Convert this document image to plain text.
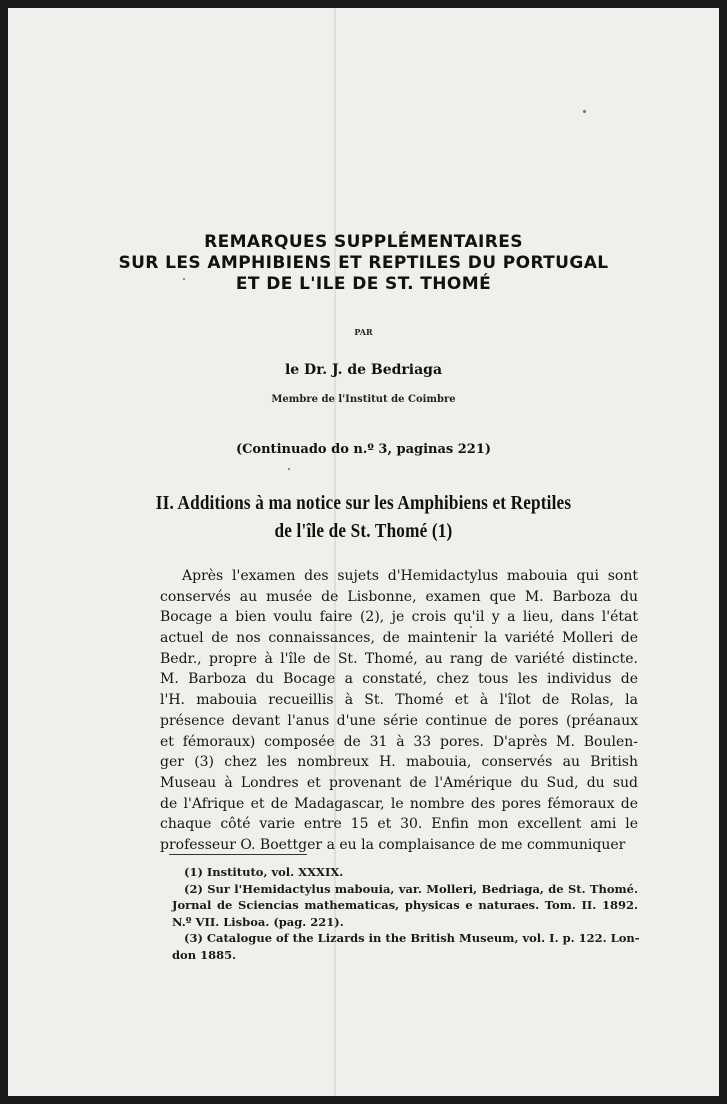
REMARQUES SUPPLÉMENTAIRES
SUR LES AMPHIBIENS ET REPTILES DU PORTUGAL
ET DE L'ILE DE ST. THOMÉ
PAR
le Dr. J. de Bedriaga
Membre de l'Institut de Coimbre
(Continuado do n.º 3, paginas 221)
II. Additions à ma notice sur les Amphibiens et Reptiles
de l'île de St. Thomé (1)
Après l'examen des sujets d'Hemidactylus mabouia qui sont
conservés au musée de Lisbonne, examen que M. Barboza du
Bocage a bien voulu faire (2), je crois qu'il y a lieu, dans l'état
actuel de nos connaissances, de maintenir la variété Molleri de
Bedr., propre à l'île de St. Thomé, au rang de variété distincte.
M. Barboza du Bocage a constaté, chez tous les individus de
l'H. mabouia recueillis à St. Thomé et à l'îlot de Rolas, la
présence devant l'anus d'une série continue de pores (préanaux
et fémoraux) composée de 31 à 33 pores. D'après M. Boulen-
ger (3) chez les nombreux H. mabouia, conservés au British
Museau à Londres et provenant de l'Amérique du Sud, du sud
de l'Afrique et de Madagascar, le nombre des pores fémoraux de
chaque côté varie entre 15 et 30. Enfin mon excellent ami le
professeur O. Boettger a eu la complaisance de me communiquer
(1) Instituto, vol. XXXIX.
(2) Sur l'Hemidactylus mabouia, var. Molleri, Bedriaga, de St. Thomé.
Jornal de Sciencias mathematicas, physicas e naturaes. Tom. II. 1892.
N.º VII. Lisboa. (pag. 221).
(3) Catalogue of the Lizards in the British Museum, vol. I. p. 122. Lon-
don 1885.
